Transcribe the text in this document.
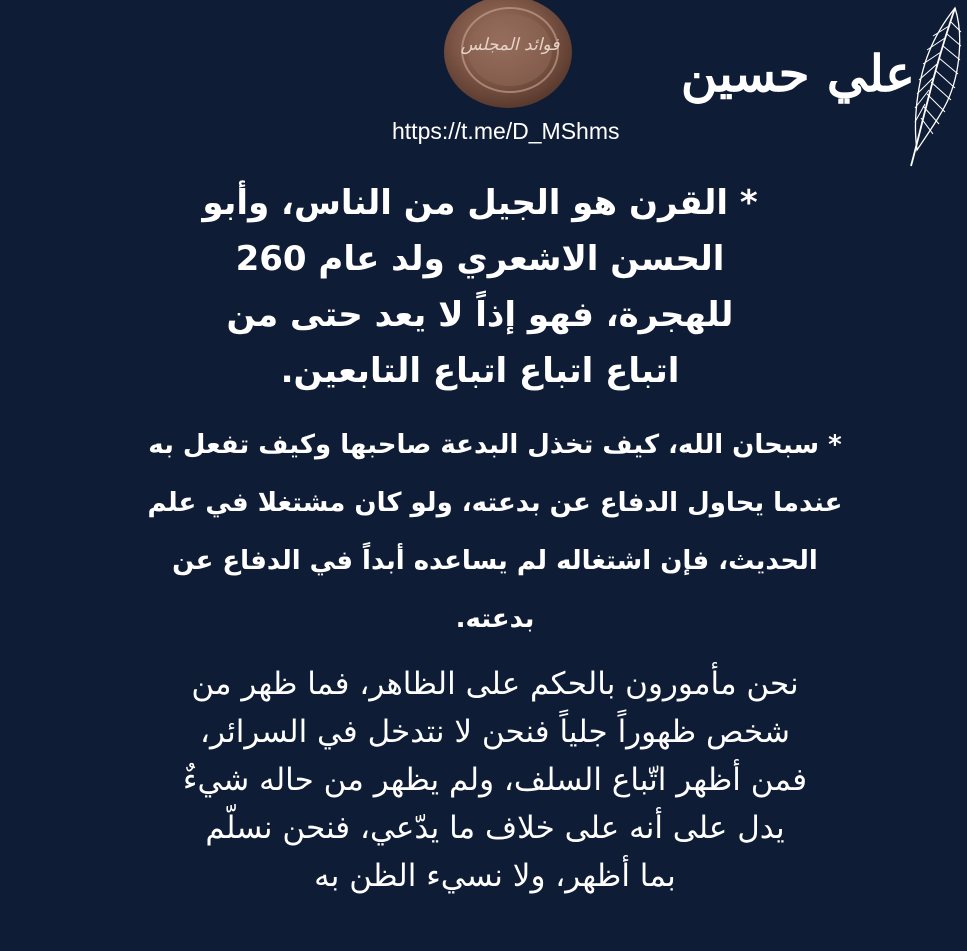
فوائد المجلس علي حسين
https://t.me/D_MShms
* القرن هو الجيل من الناس، وأبو
الحسن الاشعري ولد عام 260
للهجرة، فهو إذاً لا يعد حتى من
اتباع اتباع اتباع التابعين.
* سبحان الله، كيف تخذل البدعة صاحبها وكيف تفعل به
عندما يحاول الدفاع عن بدعته، ولو كان مشتغلا في علم
الحديث، فإن اشتغاله لم يساعده أبداً في الدفاع عن
بدعته.
نحن مأمورون بالحكم على الظاهر، فما ظهر من
شخص ظهوراً جلياً فنحن لا نتدخل في السرائر،
فمن أظهر اتّباع السلف، ولم يظهر من حاله شيءٌ
يدل على أنه على خلاف ما يدّعي، فنحن نسلّم
بما أظهر، ولا نسيء الظن به
